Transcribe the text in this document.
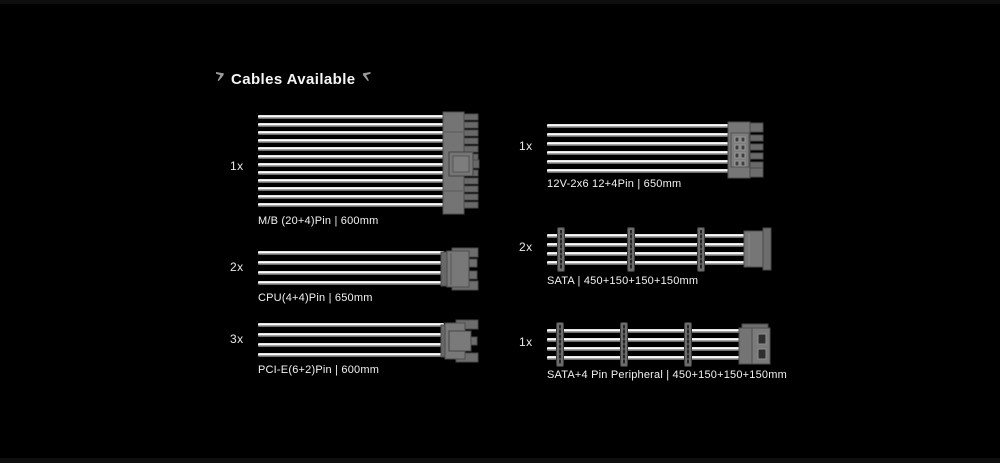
Cables Available
1x
M/B (20+4)Pin | 600mm
2x
CPU(4+4)Pin | 650mm
3x
PCI-E(6+2)Pin | 600mm
1x
12V-2x6 12+4Pin | 650mm
2x
SATA | 450+150+150+150mm
1x
SATA+4 Pin Peripheral | 450+150+150+150mm
